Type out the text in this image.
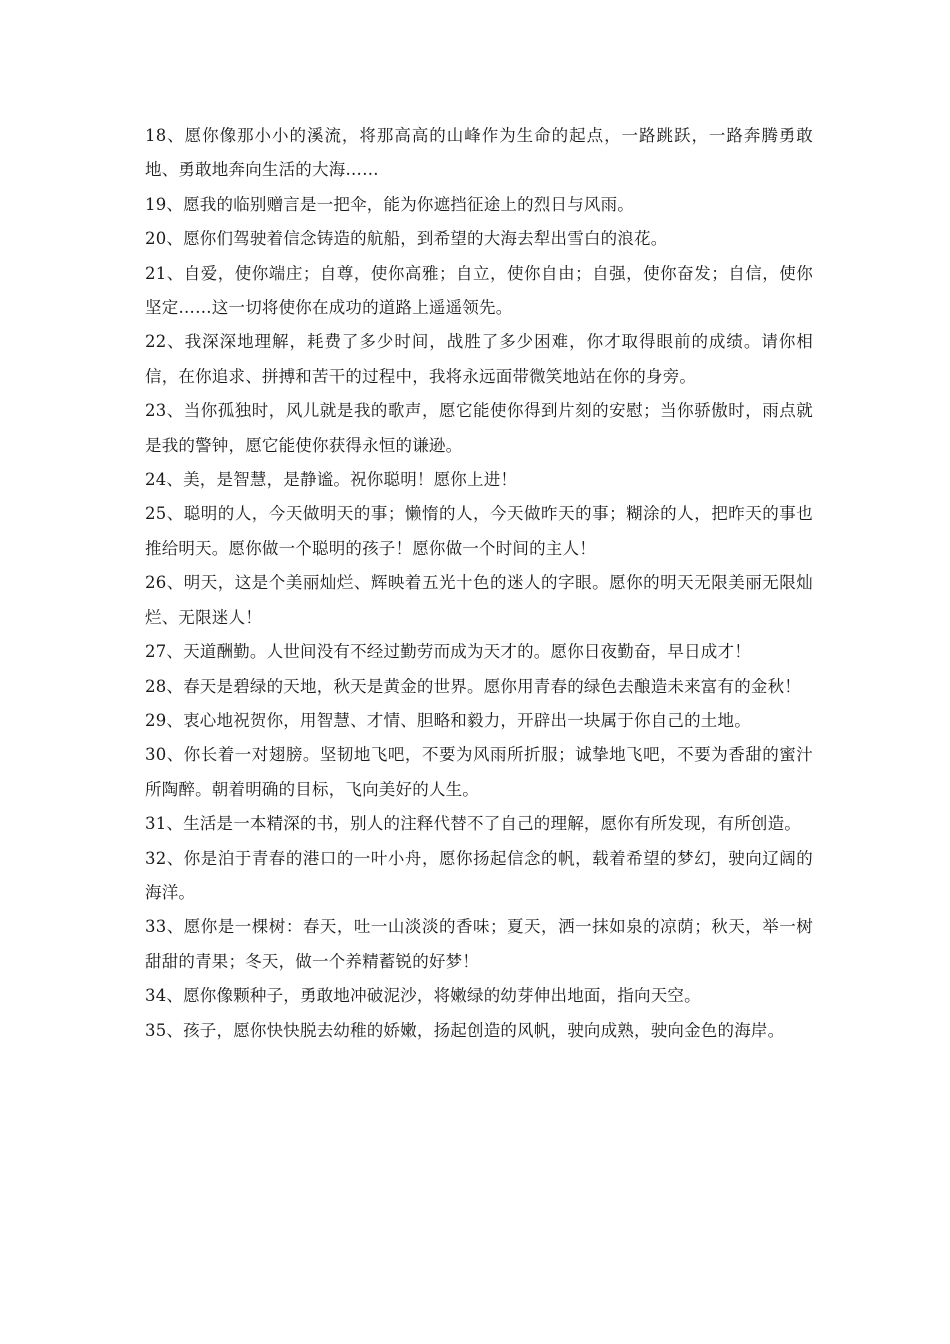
18、愿你像那小小的溪流，将那高高的山峰作为生命的起点，一路跳跃，一路奔腾勇敢地、勇敢地奔向生活的大海……

19、愿我的临别赠言是一把伞，能为你遮挡征途上的烈日与风雨。

20、愿你们驾驶着信念铸造的航船，到希望的大海去犁出雪白的浪花。

21、自爱，使你端庄；自尊，使你高雅；自立，使你自由；自强，使你奋发；自信，使你坚定……这一切将使你在成功的道路上遥遥领先。

22、我深深地理解，耗费了多少时间，战胜了多少困难，你才取得眼前的成绩。请你相信，在你追求、拼搏和苦干的过程中，我将永远面带微笑地站在你的身旁。

23、当你孤独时，风儿就是我的歌声，愿它能使你得到片刻的安慰；当你骄傲时，雨点就是我的警钟，愿它能使你获得永恒的谦逊。

24、美，是智慧，是静谧。祝你聪明！愿你上进！

25、聪明的人，今天做明天的事；懒惰的人，今天做昨天的事；糊涂的人，把昨天的事也推给明天。愿你做一个聪明的孩子！愿你做一个时间的主人！

26、明天，这是个美丽灿烂、辉映着五光十色的迷人的字眼。愿你的明天无限美丽无限灿烂、无限迷人！

27、天道酬勤。人世间没有不经过勤劳而成为天才的。愿你日夜勤奋，早日成才！

28、春天是碧绿的天地，秋天是黄金的世界。愿你用青春的绿色去酿造未来富有的金秋！

29、衷心地祝贺你，用智慧、才情、胆略和毅力，开辟出一块属于你自己的土地。

30、你长着一对翅膀。坚韧地飞吧，不要为风雨所折服；诚挚地飞吧，不要为香甜的蜜汁所陶醉。朝着明确的目标，飞向美好的人生。

31、生活是一本精深的书，别人的注释代替不了自己的理解，愿你有所发现，有所创造。

32、你是泊于青春的港口的一叶小舟，愿你扬起信念的帆，载着希望的梦幻，驶向辽阔的海洋。

33、愿你是一棵树：春天，吐一山淡淡的香味；夏天，洒一抹如泉的凉荫；秋天，举一树甜甜的青果；冬天，做一个养精蓄锐的好梦！

34、愿你像颗种子，勇敢地冲破泥沙，将嫩绿的幼芽伸出地面，指向天空。

35、孩子，愿你快快脱去幼稚的娇嫩，扬起创造的风帆，驶向成熟，驶向金色的海岸。
